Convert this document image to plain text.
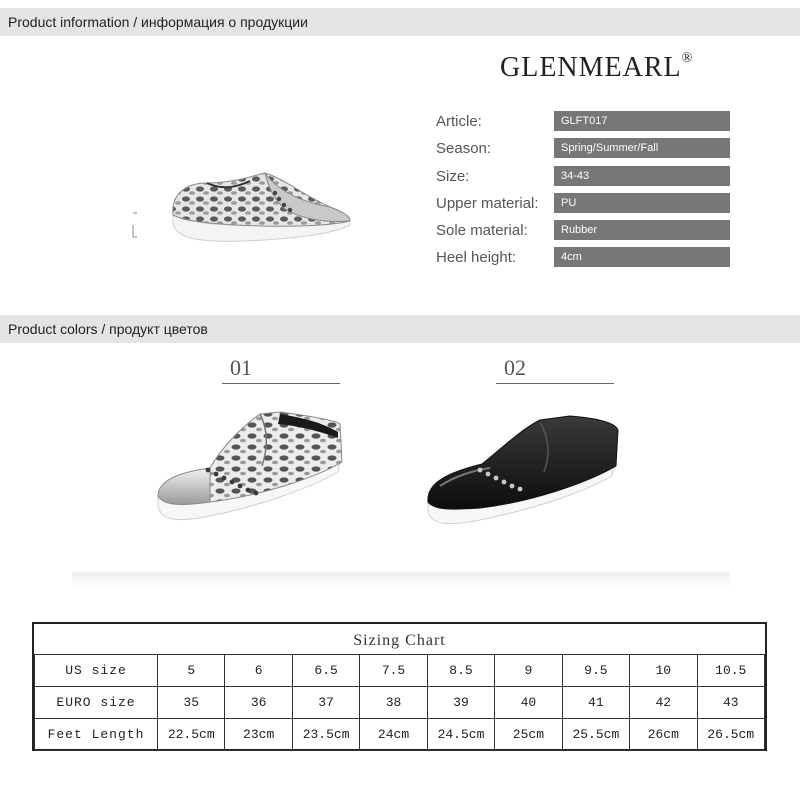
Product information / информация о продукции
GLENMEARL®
Article:	GLFT017
Season:	Spring/Summer/Fall
Size:	34-43
Upper material:	PU
Sole material:	Rubber
Heel height:	4cm
Product colors / продукт цветов
01	02
Sizing Chart
US size	5	6	6.5	7.5	8.5	9	9.5	10	10.5
EURO size	35	36	37	38	39	40	41	42	43
Feet Length	22.5cm	23cm	23.5cm	24cm	24.5cm	25cm	25.5cm	26cm	26.5cm
